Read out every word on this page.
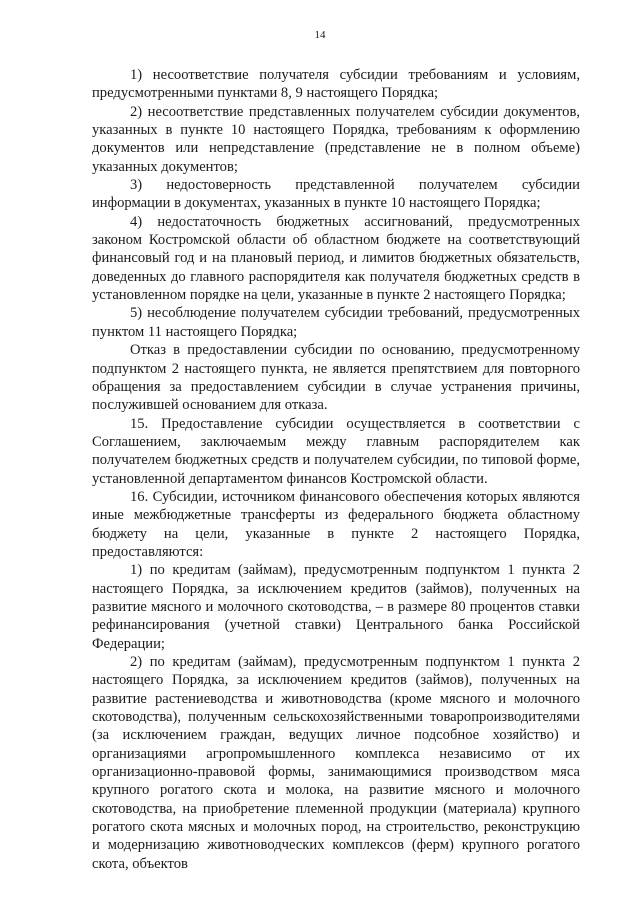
14

1) несоответствие получателя субсидии требованиям и условиям, предусмотренными пунктами 8, 9 настоящего Порядка;

2) несоответствие представленных получателем субсидии документов, указанных в пункте 10 настоящего Порядка, требованиям к оформлению документов или непредставление (представление не в полном объеме) указанных документов;

3) недостоверность представленной получателем субсидии информации в документах, указанных в пункте 10 настоящего Порядка;

4) недостаточность бюджетных ассигнований, предусмотренных законом Костромской области об областном бюджете на соответствующий финансовый год и на плановый период, и лимитов бюджетных обязательств, доведенных до главного распорядителя как получателя бюджетных средств в установленном порядке на цели, указанные в пункте 2 настоящего Порядка;

5) несоблюдение получателем субсидии требований, предусмотренных пунктом 11 настоящего Порядка;

Отказ в предоставлении субсидии по основанию, предусмотренному подпунктом 2 настоящего пункта, не является препятствием для повторного обращения за предоставлением субсидии в случае устранения причины, послужившей основанием для отказа.

15. Предоставление субсидии осуществляется в соответствии с Соглашением, заключаемым между главным распорядителем как получателем бюджетных средств и получателем субсидии, по типовой форме, установленной департаментом финансов Костромской области.

16. Субсидии, источником финансового обеспечения которых являются иные межбюджетные трансферты из федерального бюджета областному бюджету на цели, указанные в пункте 2 настоящего Порядка, предоставляются:

1) по кредитам (займам), предусмотренным подпунктом 1 пункта 2 настоящего Порядка, за исключением кредитов (займов), полученных на развитие мясного и молочного скотоводства, – в размере 80 процентов ставки рефинансирования (учетной ставки) Центрального банка Российской Федерации;

2) по кредитам (займам), предусмотренным подпунктом 1 пункта 2 настоящего Порядка, за исключением кредитов (займов), полученных на развитие растениеводства и животноводства (кроме мясного и молочного скотоводства), полученным сельскохозяйственными товаропроизводителями (за исключением граждан, ведущих личное подсобное хозяйство) и организациями агропромышленного комплекса независимо от их организационно-правовой формы, занимающимися производством мяса крупного рогатого скота и молока, на развитие мясного и молочного скотоводства, на приобретение племенной продукции (материала) крупного рогатого скота мясных и молочных пород, на строительство, реконструкцию и модернизацию животноводческих комплексов (ферм) крупного рогатого скота, объектов
